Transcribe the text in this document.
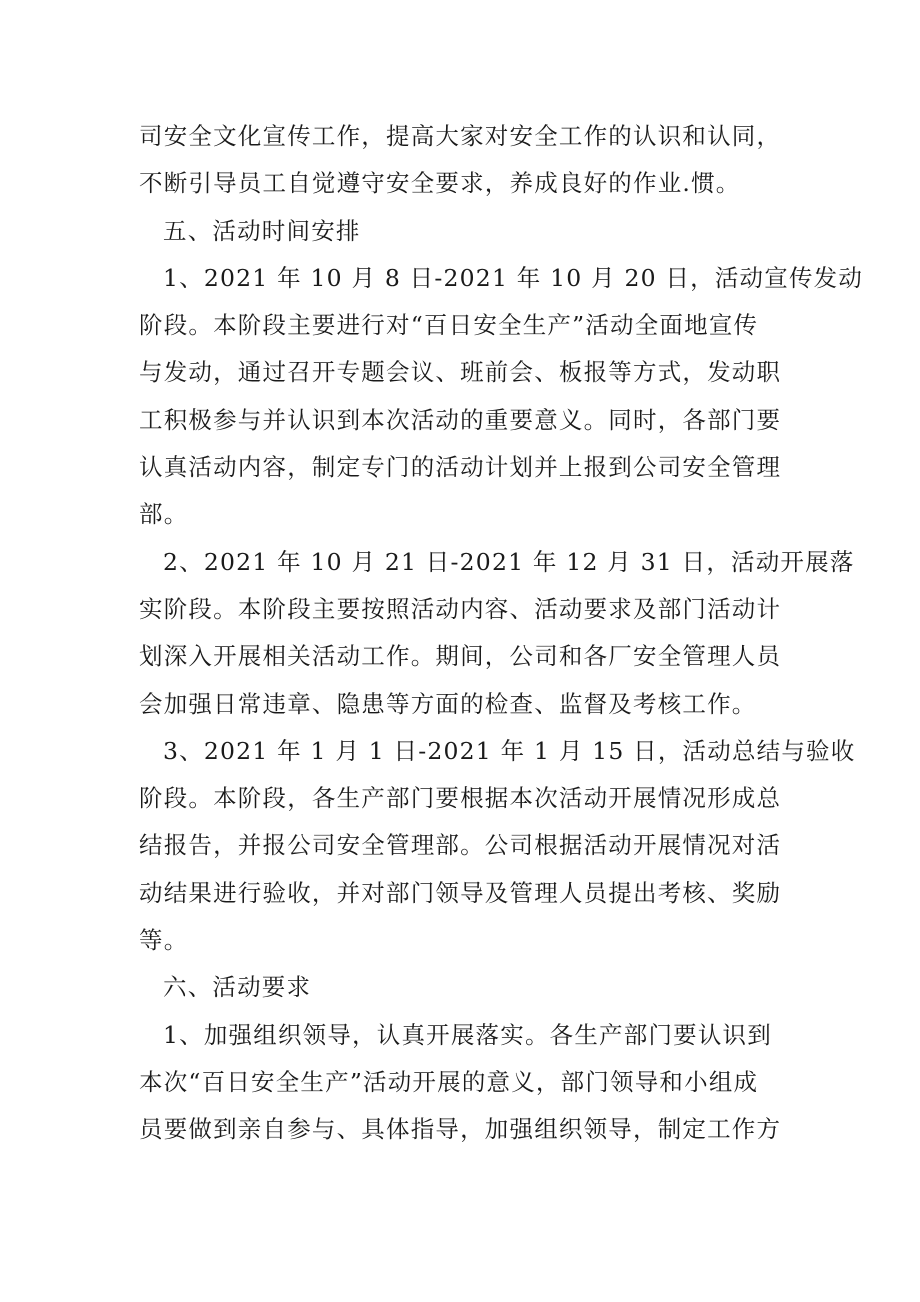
司安全文化宣传工作，提高大家对安全工作的认识和认同，
不断引导员工自觉遵守安全要求，养成良好的作业.惯。
五、活动时间安排
1、2021 年 10 月 8 日-2021 年 10 月 20 日，活动宣传发动
阶段。本阶段主要进行对“百日安全生产”活动全面地宣传
与发动，通过召开专题会议、班前会、板报等方式，发动职
工积极参与并认识到本次活动的重要意义。同时，各部门要
认真活动内容，制定专门的活动计划并上报到公司安全管理
部。
2、2021 年 10 月 21 日-2021 年 12 月 31 日，活动开展落
实阶段。本阶段主要按照活动内容、活动要求及部门活动计
划深入开展相关活动工作。期间，公司和各厂安全管理人员
会加强日常违章、隐患等方面的检查、监督及考核工作。
3、2021 年 1 月 1 日-2021 年 1 月 15 日，活动总结与验收
阶段。本阶段，各生产部门要根据本次活动开展情况形成总
结报告，并报公司安全管理部。公司根据活动开展情况对活
动结果进行验收，并对部门领导及管理人员提出考核、奖励
等。
六、活动要求
1、加强组织领导，认真开展落实。各生产部门要认识到
本次“百日安全生产”活动开展的意义，部门领导和小组成
员要做到亲自参与、具体指导，加强组织领导，制定工作方
